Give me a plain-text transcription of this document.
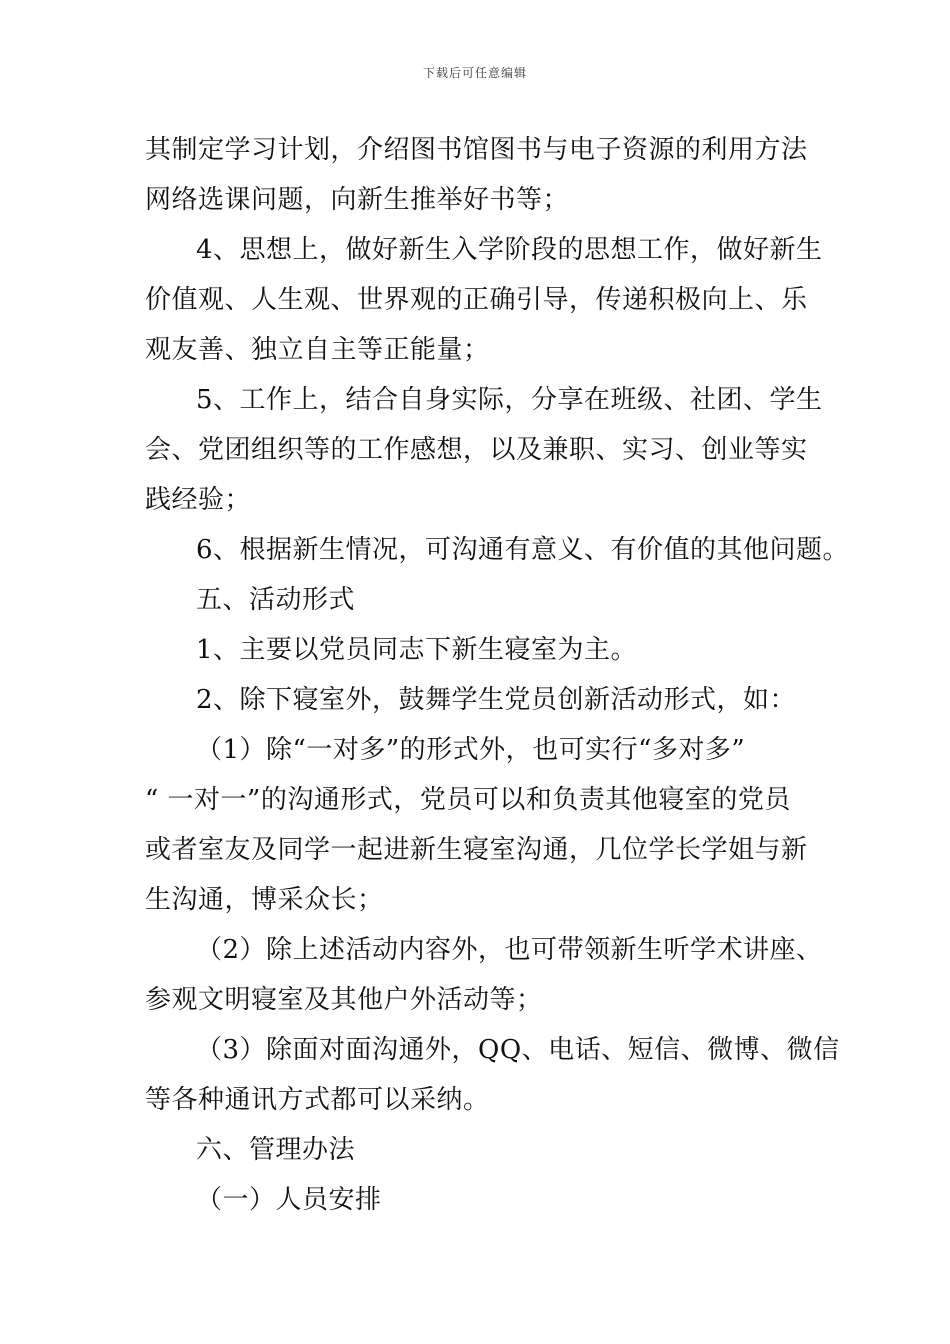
下载后可任意编辑
其制定学习计划，介绍图书馆图书与电子资源的利用方法
网络选课问题，向新生推举好书等；
4、思想上，做好新生入学阶段的思想工作，做好新生
价值观、人生观、世界观的正确引导，传递积极向上、乐
观友善、独立自主等正能量；
5、工作上，结合自身实际，分享在班级、社团、学生
会、党团组织等的工作感想，以及兼职、实习、创业等实
践经验；
6、根据新生情况，可沟通有意义、有价值的其他问题。
五、活动形式
1、主要以党员同志下新生寝室为主。
2、除下寝室外，鼓舞学生党员创新活动形式，如：
（1）除“一对多”的形式外，也可实行“多对多”
“ 一对一”的沟通形式，党员可以和负责其他寝室的党员
或者室友及同学一起进新生寝室沟通，几位学长学姐与新
生沟通，博采众长；
（2）除上述活动内容外，也可带领新生听学术讲座、
参观文明寝室及其他户外活动等；
（3）除面对面沟通外，QQ、电话、短信、微博、微信
等各种通讯方式都可以采纳。
六、管理办法
（一）人员安排
